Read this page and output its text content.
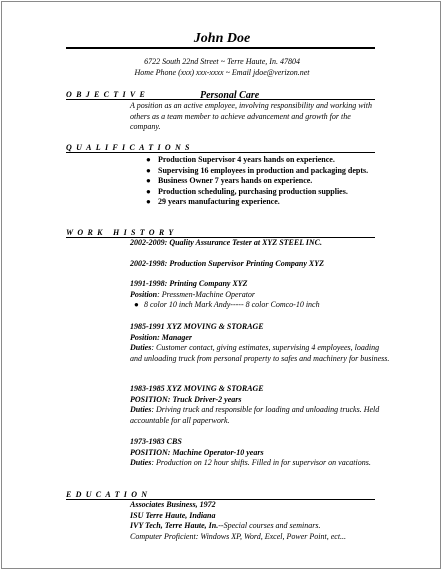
John Doe
6722 South 22nd Street ~ Terre Haute, In. 47804
Home Phone (xxx) xxx-xxxx ~ Email jdoe@verizon.net
OBJECTIVE	Personal Care
A position as an active employee, involving responsibility and working with others as a team member to achieve advancement and growth for the company.
QUALIFICATIONS
● Production Supervisor 4 years hands on experience.
● Supervising 16 employees in production and packaging depts.
● Business Owner 7 years hands on experience.
● Production scheduling, purchasing production supplies.
● 29 years manufacturing experience.
WORK HISTORY
2002-2009: Quality Assurance Tester at XYZ STEEL INC.
2002-1998: Production Supervisor Printing Company XYZ
1991-1998: Printing Company XYZ
Position: Pressmen-Machine Operator
● 8 color 10 inch Mark Andy----- 8 color Comco-10 inch
1985-1991 XYZ MOVING & STORAGE
Position: Manager
Duties: Customer contact, giving estimates, supervising 4 employees, loading and unloading truck from personal property to safes and machinery for business.
1983-1985 XYZ MOVING & STORAGE
POSITION: Truck Driver-2 years
Duties: Driving truck and responsible for loading and unloading trucks. Held accountable for all paperwork.
1973-1983 CBS
POSITION: Machine Operator-10 years
Duties: Production on 12 hour shifts. Filled in for supervisor on vacations.
EDUCATION
Associates Business, 1972
ISU Terre Haute, Indiana
IVY Tech, Terre Haute, In.--Special courses and seminars.
Computer Proficient: Windows XP, Word, Excel, Power Point, ect...
